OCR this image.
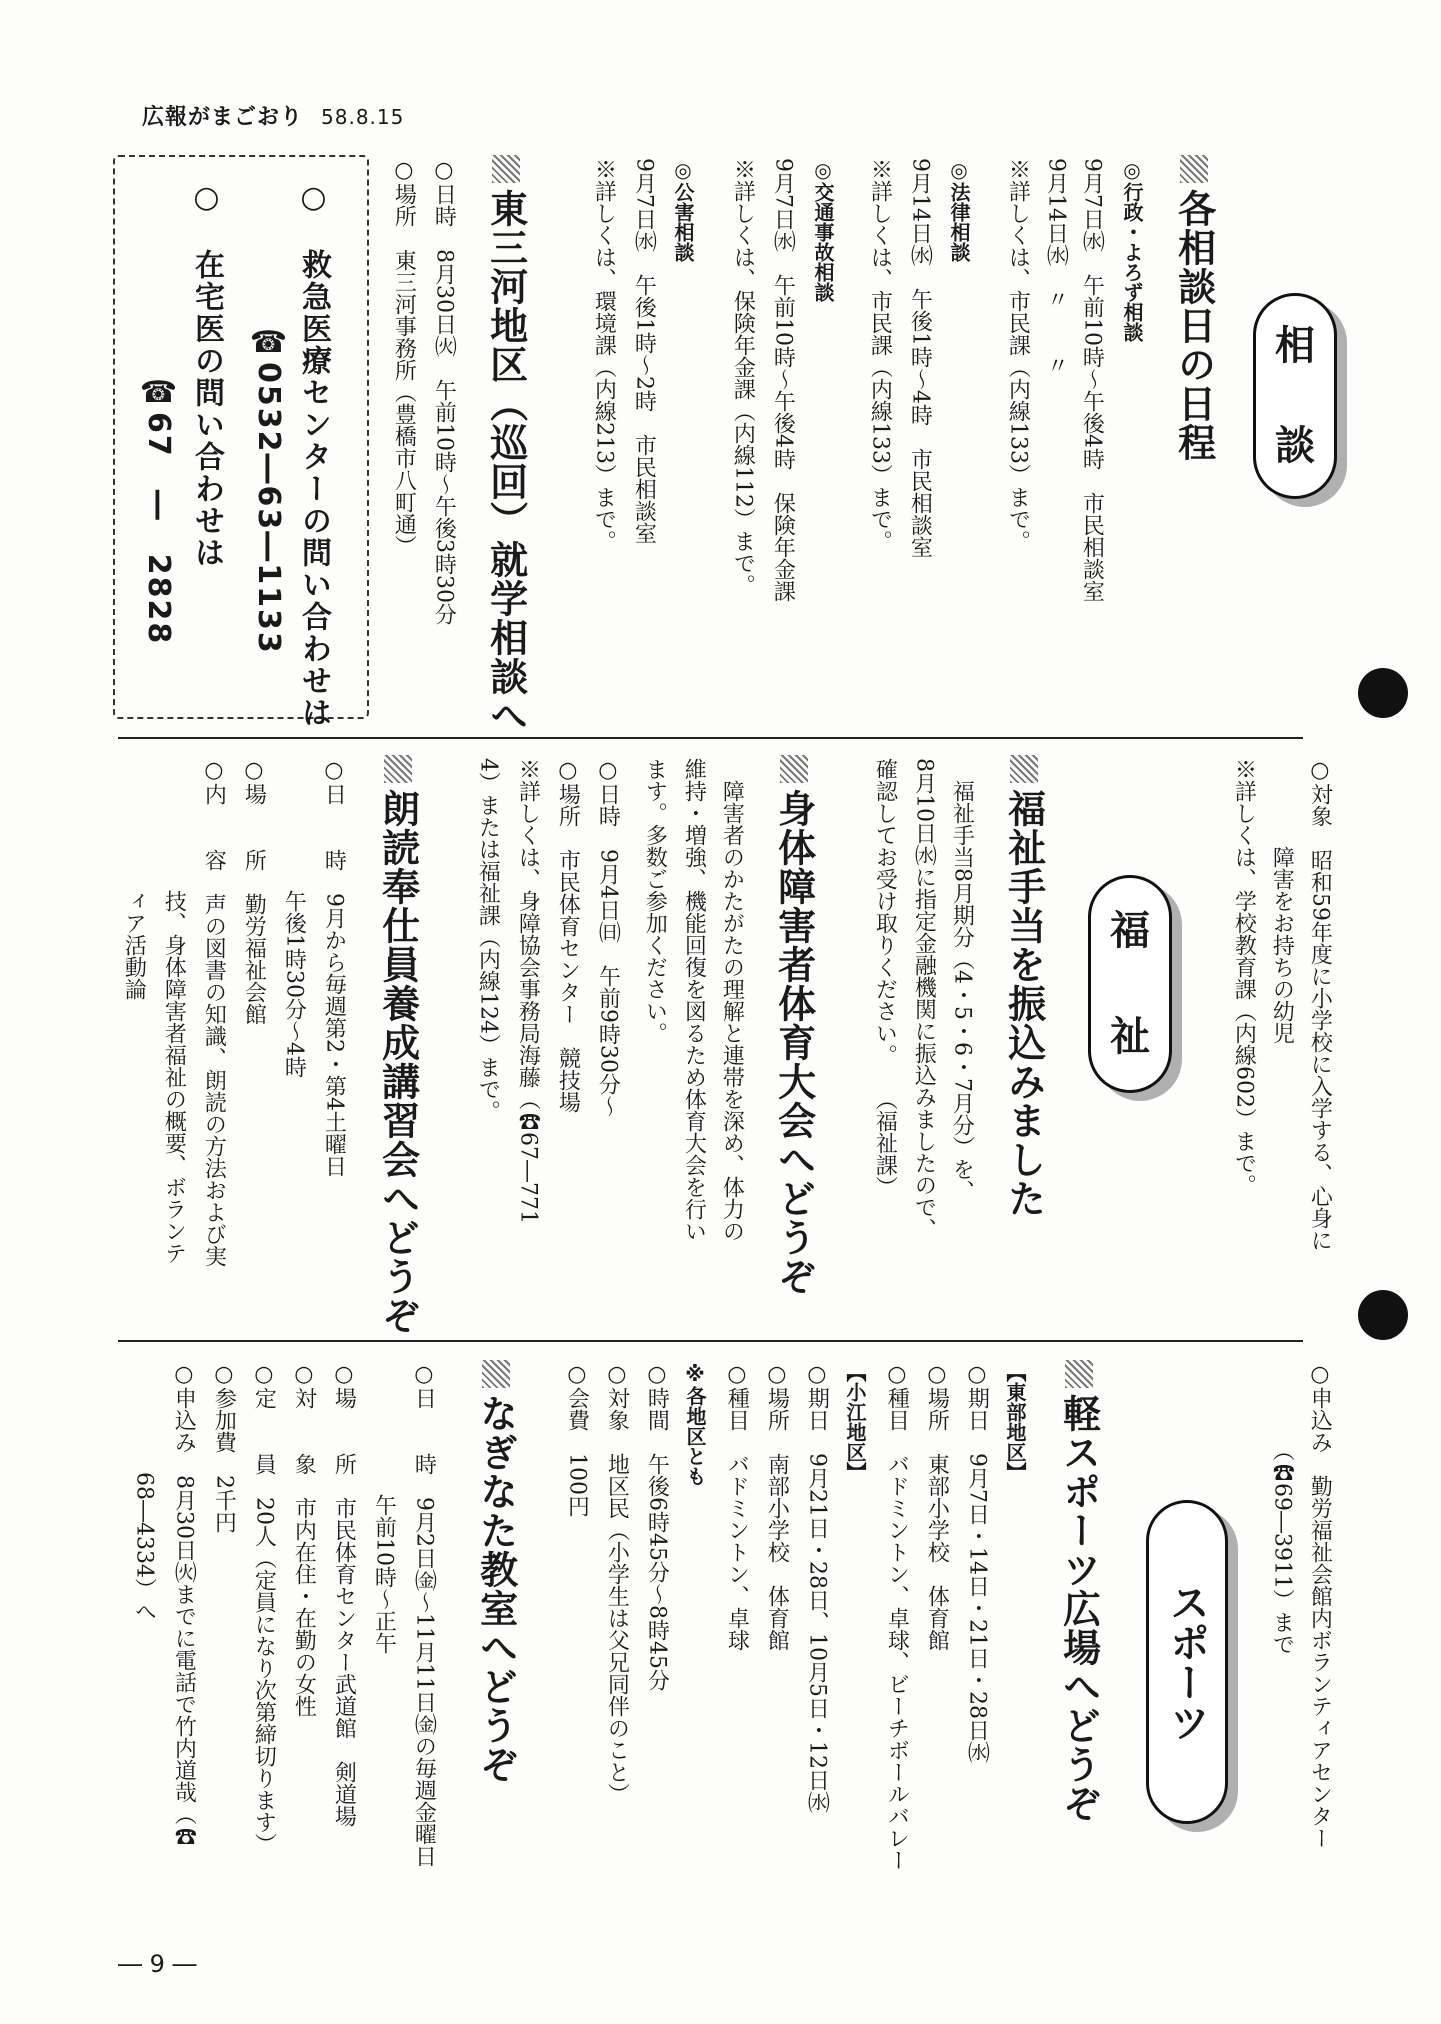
広報がまごおり 58.8.15
相
談
各相談日の日程
◎行政・よろず相談
9月7日㈬　午前10時〜午後4時　市民相談室
9月14日㈬　〃　　〃
※詳しくは、市民課（内線133）まで。
◎法律相談
9月14日㈬　午後1時〜4時　市民相談室
※詳しくは、市民課（内線133）まで。
◎交通事故相談
9月7日㈬　午前10時〜午後4時　保険年金課
※詳しくは、保険年金課（内線112）まで。
◎公害相談
9月7日㈬　午後1時〜2時　市民相談室
※詳しくは、環境課（内線213）まで。
東三河地区（巡回）就学相談へ
○日時　8月30日㈫　午前10時〜午後3時30分
○場所　東三河事務所（豊橋市八町通）
○　救急医療センターの問い合わせは
☎0532―63―1133
○　在宅医の問い合わせは
☎67　―　2828
○対象　昭和59年度に小学校に入学する、心身に
　　　　障害をお持ちの幼児
※詳しくは、学校教育課（内線602）まで。
福
祉
福祉手当を振込みました
　福祉手当8月期分（4・5・6・7月分）を、
8月10日㈬に指定金融機関に振込みましたので、
確認してお受け取りください。　　（福祉課）
身体障害者体育大会へどうぞ
　障害者のかたがたの理解と連帯を深め、体力の
維持・増強、機能回復を図るため体育大会を行い
ます。多数ご参加ください。
○日時　9月4日㈰　午前9時30分〜
○場所　市民体育センター　競技場
※詳しくは、身障協会事務局海藤（☎67―771
4）または福祉課（内線124）まで。
朗読奉仕員養成講習会へどうぞ
○日　　時　9月から毎週第2・第4土曜日
　　　　　　午後1時30分〜4時
○場　　所　勤労福祉会館
○内　　容　声の図書の知識、朗読の方法および実
　　　　　　技、身体障害者福祉の概要、ボランテ
　　　　　　ィア活動論
○申込み　勤労福祉会館内ボランティアセンター
　　　　（☎69―3911）まで
スポーツ
軽スポーツ広場へどうぞ
【東部地区】
○期日　9月7日・14日・21日・28日㈬
○場所　東部小学校　体育館
○種目　バドミントン、卓球、ビーチボールバレー
【小江地区】
○期日　9月21日・28日、10月5日・12日㈬
○場所　南部小学校　体育館
○種目　バドミントン、卓球
※各地区とも
○時間　午後6時45分〜8時45分
○対象　地区民（小学生は父兄同伴のこと）
○会費　100円
なぎなた教室へどうぞ
○日　　時　9月2日㈮〜11月11日㈮の毎週金曜日
　　　　　　午前10時〜正午
○場　　所　市民体育センター武道館　剣道場
○対　　象　市内在住・在勤の女性
○定　　員　20人（定員になり次第締切ります）
○参加費　2千円
○申込み　8月30日㈫までに電話で竹内道哉（☎
　　　　　68―4334）へ
― 9 ―
